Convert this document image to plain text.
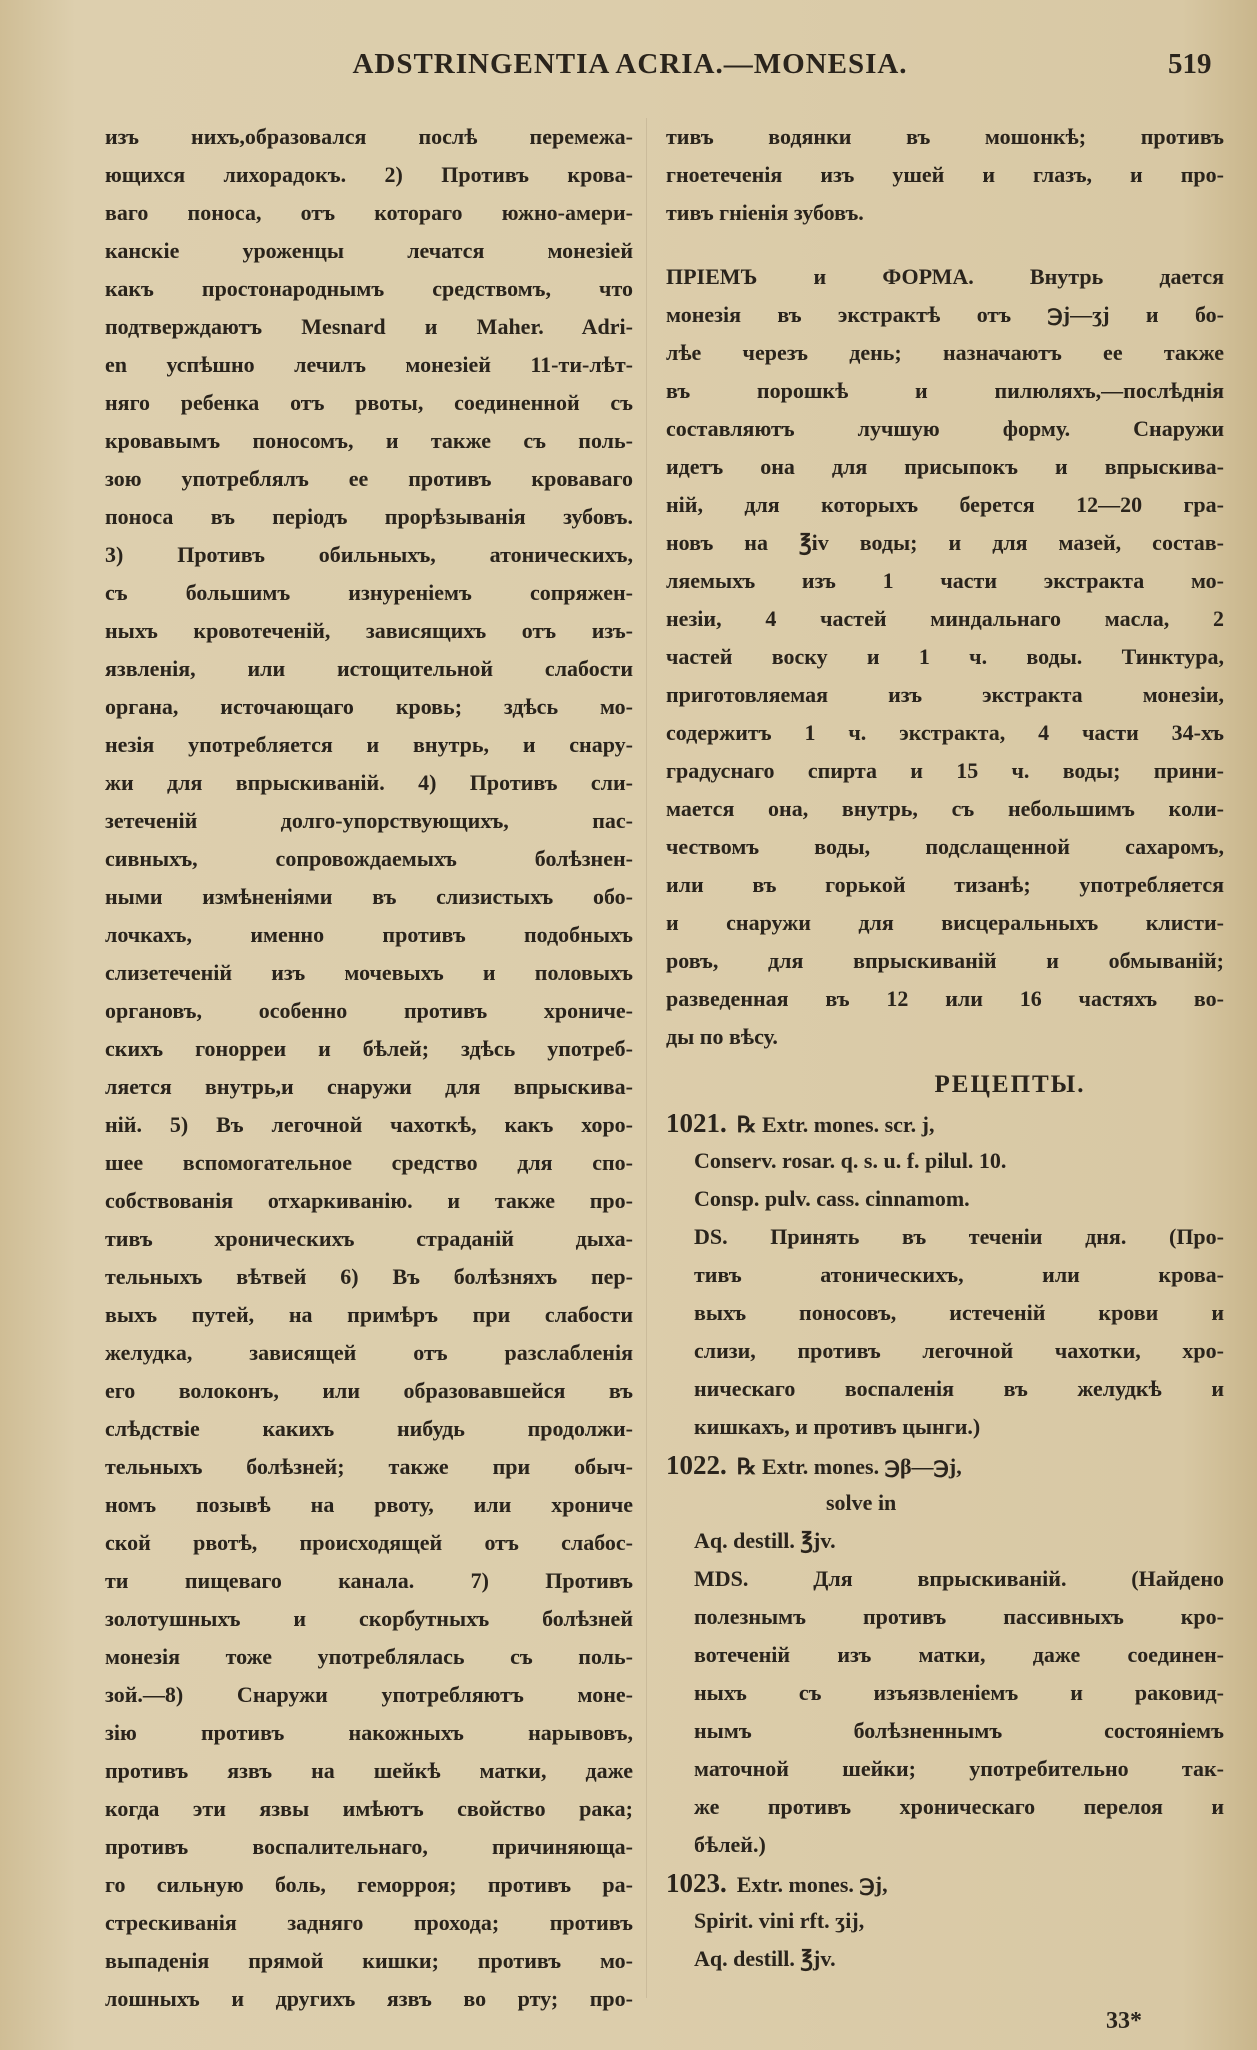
ADSTRINGENTIA ACRIA.—MONESIA.	519
изъ нихъ,образовался послѣ перемежа-
ющихся лихорадокъ. 2) Противъ крова-
ваго поноса, отъ котораго южно-амери-
канскіе уроженцы лечатся монезіей
какъ простонароднымъ средствомъ, что
подтверждаютъ Mesnard и Maher. Adri-
en успѣшно лечилъ монезіей 11-ти-лѣт-
няго ребенка отъ рвоты, соединенной съ
кровавымъ поносомъ, и также съ поль-
зою употреблялъ ее противъ кроваваго
поноса въ періодъ прорѣзыванія зубовъ.
3) Противъ обильныхъ, атоническихъ,
съ большимъ изнуреніемъ сопряжен-
ныхъ кровотеченій, зависящихъ отъ изъ-
язвленія, или истощительной слабости
органа, источающаго кровь; здѣсь мо-
незія употребляется и внутрь, и снару-
жи для впрыскиваній. 4) Противъ сли-
зетеченій долго-упорствующихъ, пас-
сивныхъ, сопровождаемыхъ болѣзнен-
ными измѣненіями въ слизистыхъ обо-
лочкахъ, именно противъ подобныхъ
слизетеченій изъ мочевыхъ и половыхъ
органовъ, особенно противъ хрониче-
скихъ гонорреи и бѣлей; здѣсь употреб-
ляется внутрь,и снаружи для впрыскива-
ній. 5) Въ легочной чахоткѣ, какъ хоро-
шее вспомогательное средство для спо-
собствованія отхаркиванію. и также про-
тивъ хроническихъ страданій дыха-
тельныхъ вѣтвей 6) Въ болѣзняхъ пер-
выхъ путей, на примѣръ при слабости
желудка, зависящей отъ разслабленія
его волоконъ, или образовавшейся въ
слѣдствіе какихъ нибудь продолжи-
тельныхъ болѣзней; также при обыч-
номъ позывѣ на рвоту, или хрониче
ской рвотѣ, происходящей отъ слабос-
ти пищеваго канала. 7) Противъ
золотушныхъ и скорбутныхъ болѣзней
монезія тоже употреблялась съ поль-
зой.—8) Снаружи употребляютъ моне-
зію противъ накожныхъ нарывовъ,
противъ язвъ на шейкѣ матки, даже
когда эти язвы имѣютъ свойство рака;
противъ воспалительнаго, причиняюща-
го сильную боль, геморроя; противъ ра-
стрескиванія задняго прохода; противъ
выпаденія прямой кишки; противъ мо-
лошныхъ и другихъ язвъ во рту; про-
тивъ водянки въ мошонкѣ; противъ
гноетеченія изъ ушей и глазъ, и про-
тивъ гніенія зубовъ.
ПРІЕМЪ и ФОРМА. Внутрь дается
монезія въ экстрактѣ отъ ℈j—ʒj и бо-
лѣе черезъ день; назначаютъ ее также
въ порошкѣ и пилюляхъ,—послѣднія
составляютъ лучшую форму. Снаружи
идетъ она для присыпокъ и впрыскива-
ній, для которыхъ берется 12—20 гра-
новъ на ℥iv воды; и для мазей, состав-
ляемыхъ изъ 1 части экстракта мо-
незіи, 4 частей миндальнаго масла, 2
частей воску и 1 ч. воды. Тинктура,
приготовляемая изъ экстракта монезіи,
содержитъ 1 ч. экстракта, 4 части 34-хъ
градуснаго спирта и 15 ч. воды; прини-
мается она, внутрь, съ небольшимъ коли-
чествомъ воды, подслащенной сахаромъ,
или въ горькой тизанѣ; употребляется
и снаружи для висцеральныхъ клисти-
ровъ, для впрыскиваній и обмываній;
разведенная въ 12 или 16 частяхъ во-
ды по вѣсу.
РЕЦЕПТЫ.
1021. ℞ Extr. mones. scr. j,
Conserv. rosar. q. s. u. f. pilul. 10.
Consp. pulv. cass. cinnamom.
DS. Принять въ теченіи дня. (Про-
тивъ атоническихъ, или крова-
выхъ поносовъ, истеченій крови и
слизи, противъ легочной чахотки, хро-
ническаго воспаленія въ желудкѣ и
кишкахъ, и противъ цынги.)
1022. ℞ Extr. mones. ℈β—℈j,
solve in
Aq. destill. ℥jv.
MDS. Для впрыскиваній. (Найдено
полезнымъ противъ пассивныхъ кро-
вотеченій изъ матки, даже соединен-
ныхъ съ изъязвленіемъ и раковид-
нымъ болѣзненнымъ состояніемъ
маточной шейки; употребительно так-
же противъ хроническаго перелоя и
бѣлей.)
1023. Extr. mones. ℈j,
Spirit. vini rft. ʒij,
Aq. destill. ℥jv.
33*
